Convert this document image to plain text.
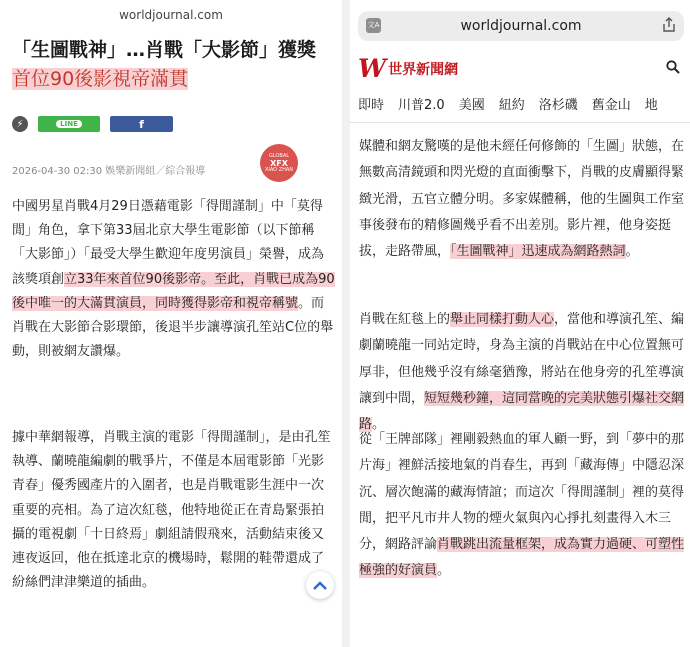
worldjournal.com
「生圖戰神」…肖戰「大影節」獲獎 首位90後影視帝滿貫
⚡	LINE	f
2026-04-30 02:30 娛樂新聞組／綜合報導
GLOBAL
XFX
XIAO ZHAN

中國男星肖戰4月29日憑藉電影「得閒謹制」中「莫得閒」角色，拿下第33屆北京大學生電影節（以下節稱「大影節」）「最受大學生歡迎年度男演員」榮譽，成為該獎項創立33年來首位90後影帝。至此，肖戰已成為90後中唯一的大滿貫演員，同時獲得影帝和視帝稱號。而肖戰在大影節合影環節，後退半步讓導演孔笙站C位的舉動，則被網友讚爆。

據中華網報導，肖戰主演的電影「得閒謹制」，是由孔笙執導、蘭曉龍編劇的戰爭片，不僅是本屆電影節「光影青春」優秀國產片的入圍者，也是肖戰電影生涯中一次重要的亮相。為了這次紅毯，他特地從正在青島緊張拍攝的電視劇「十日終焉」劇組請假飛來，活動結束後又連夜返回，他在抵達北京的機場時，鬆開的鞋帶還成了紛絲們津津樂道的插曲。

文A	worldjournal.com
W 世界新聞網
即時 川普2.0 美國 紐約 洛杉磯 舊金山 地

媒體和網友驚嘆的是他未經任何修飾的「生圖」狀態，在無數高清鏡頭和閃光燈的直面衝擊下，肖戰的皮膚顯得緊緻光滑，五官立體分明。多家媒體稱，他的生圖與工作室事後發布的精修圖幾乎看不出差別。影片裡，他身姿挺拔，走路帶風，「生圖戰神」迅速成為網路熱詞。

肖戰在紅毯上的舉止同樣打動人心，當他和導演孔笙、編劇蘭曉龍一同站定時，身為主演的肖戰站在中心位置無可厚非，但他幾乎沒有絲毫猶豫，將站在他身旁的孔笙導演讓到中間，短短幾秒鐘，這同當晚的完美狀態引爆社交網路。

從「王牌部隊」裡剛毅熱血的軍人顧一野，到「夢中的那片海」裡鮮活接地氣的肖春生，再到「藏海傳」中隱忍深沉、層次飽滿的藏海情誼；而這次「得閒謹制」裡的莫得閒，把平凡市井人物的煙火氣與內心掙扎刻畫得入木三分，網路評論肖戰跳出流量框架，成為實力過硬、可塑性極強的好演員。
